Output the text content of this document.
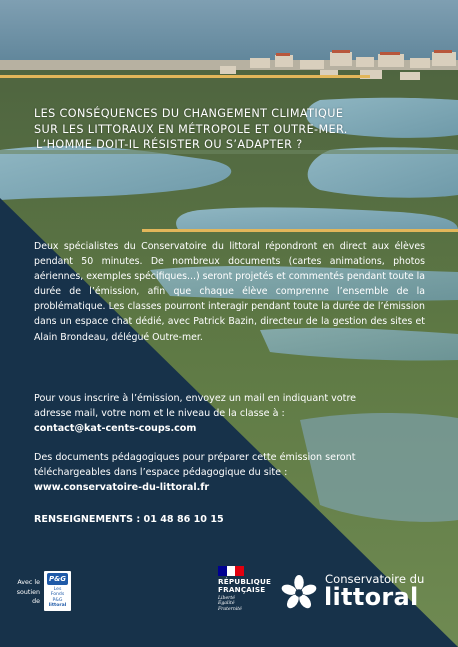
LES CONSÉQUENCES DU CHANGEMENT CLIMATIQUE
SUR LES LITTORAUX EN MÉTROPOLE ET OUTRE-MER.
L’HOMME DOIT-IL RÉSISTER OU S’ADAPTER ?
Deux spécialistes du Conservatoire du littoral répondront en direct aux élèves pendant 50 minutes. De nombreux documents (cartes animations, photos aériennes, exemples spécifiques...) seront projetés et commentés pendant toute la durée de l’émission, afin que chaque élève comprenne l’ensemble de la problématique. Les classes pourront interagir pendant toute la durée de l’émission dans un espace chat dédié, avec Patrick Bazin, directeur de la gestion des sites et Alain Brondeau, délégué Outre-mer.
Pour vous inscrire à l’émission, envoyez un mail en indiquant votre
adresse mail, votre nom et le niveau de la classe à :
contact@kat-cents-coups.com
Des documents pédagogiques pour préparer cette émission seront
téléchargeables dans l’espace pédagogique du site :
www.conservatoire-du-littoral.fr
RENSEIGNEMENTS : 01 48 86 10 15
Avec le
soutien
de
P&G
Les
Fonds P&G
littoral
RÉPUBLIQUE
FRANÇAISE
Liberté
Égalité
Fraternité
Conservatoire du
littoral
